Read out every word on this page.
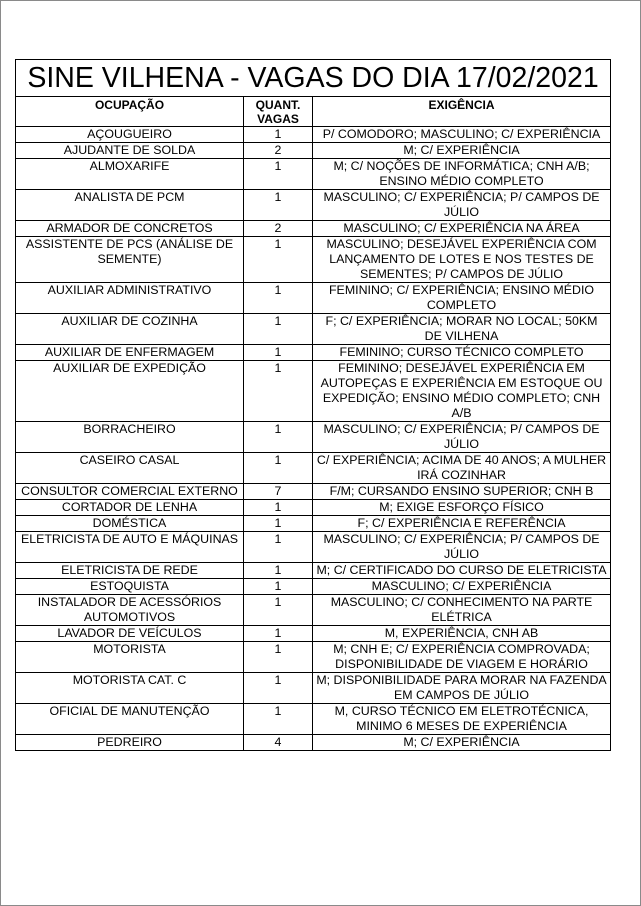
SINE VILHENA - VAGAS DO DIA 17/02/2021		
OCUPAÇÃO	QUANT. VAGAS	EXIGÊNCIA
AÇOUGUEIRO	1	P/ COMODORO; MASCULINO; C/ EXPERIÊNCIA
AJUDANTE DE SOLDA	2	M; C/ EXPERIÊNCIA
ALMOXARIFE	1	M; C/ NOÇÕES DE INFORMÁTICA; CNH A/B; ENSINO MÉDIO COMPLETO
ANALISTA DE PCM	1	MASCULINO; C/ EXPERIÊNCIA; P/ CAMPOS DE JÚLIO
ARMADOR DE CONCRETOS	2	MASCULINO; C/ EXPERIÊNCIA NA ÁREA
ASSISTENTE DE PCS (ANÁLISE DE SEMENTE)	1	MASCULINO; DESEJÁVEL EXPERIÊNCIA COM LANÇAMENTO DE LOTES E NOS TESTES DE SEMENTES; P/ CAMPOS DE JÚLIO
AUXILIAR ADMINISTRATIVO	1	FEMININO; C/ EXPERIÊNCIA; ENSINO MÉDIO COMPLETO
AUXILIAR DE COZINHA	1	F; C/ EXPERIÊNCIA; MORAR NO LOCAL; 50KM DE VILHENA
AUXILIAR DE ENFERMAGEM	1	FEMININO; CURSO TÉCNICO COMPLETO
AUXILIAR DE EXPEDIÇÃO	1	FEMININO; DESEJÁVEL EXPERIÊNCIA EM AUTOPEÇAS E EXPERIÊNCIA EM ESTOQUE OU EXPEDIÇÃO; ENSINO MÉDIO COMPLETO; CNH A/B
BORRACHEIRO	1	MASCULINO; C/ EXPERIÊNCIA; P/ CAMPOS DE JÚLIO
CASEIRO CASAL	1	C/ EXPERIÊNCIA; ACIMA DE 40 ANOS; A MULHER IRÁ COZINHAR
CONSULTOR COMERCIAL EXTERNO	7	F/M; CURSANDO ENSINO SUPERIOR; CNH B
CORTADOR DE LENHA	1	M; EXIGE ESFORÇO FÍSICO
DOMÉSTICA	1	F; C/ EXPERIÊNCIA E REFERÊNCIA
ELETRICISTA DE AUTO E MÁQUINAS	1	MASCULINO; C/ EXPERIÊNCIA; P/ CAMPOS DE JÚLIO
ELETRICISTA DE REDE	1	M; C/ CERTIFICADO DO CURSO DE ELETRICISTA
ESTOQUISTA	1	MASCULINO; C/ EXPERIÊNCIA
INSTALADOR DE ACESSÓRIOS AUTOMOTIVOS	1	MASCULINO; C/ CONHECIMENTO NA PARTE ELÉTRICA
LAVADOR DE VEÍCULOS	1	M, EXPERIÊNCIA, CNH AB
MOTORISTA	1	M; CNH E; C/ EXPERIÊNCIA COMPROVADA; DISPONIBILIDADE DE VIAGEM E HORÁRIO
MOTORISTA CAT. C	1	M; DISPONIBILIDADE PARA MORAR NA FAZENDA EM CAMPOS DE JÚLIO
OFICIAL DE MANUTENÇÃO	1	M, CURSO TÉCNICO EM ELETROTÉCNICA, MINIMO 6 MESES DE EXPERIÊNCIA
PEDREIRO	4	M; C/ EXPERIÊNCIA
